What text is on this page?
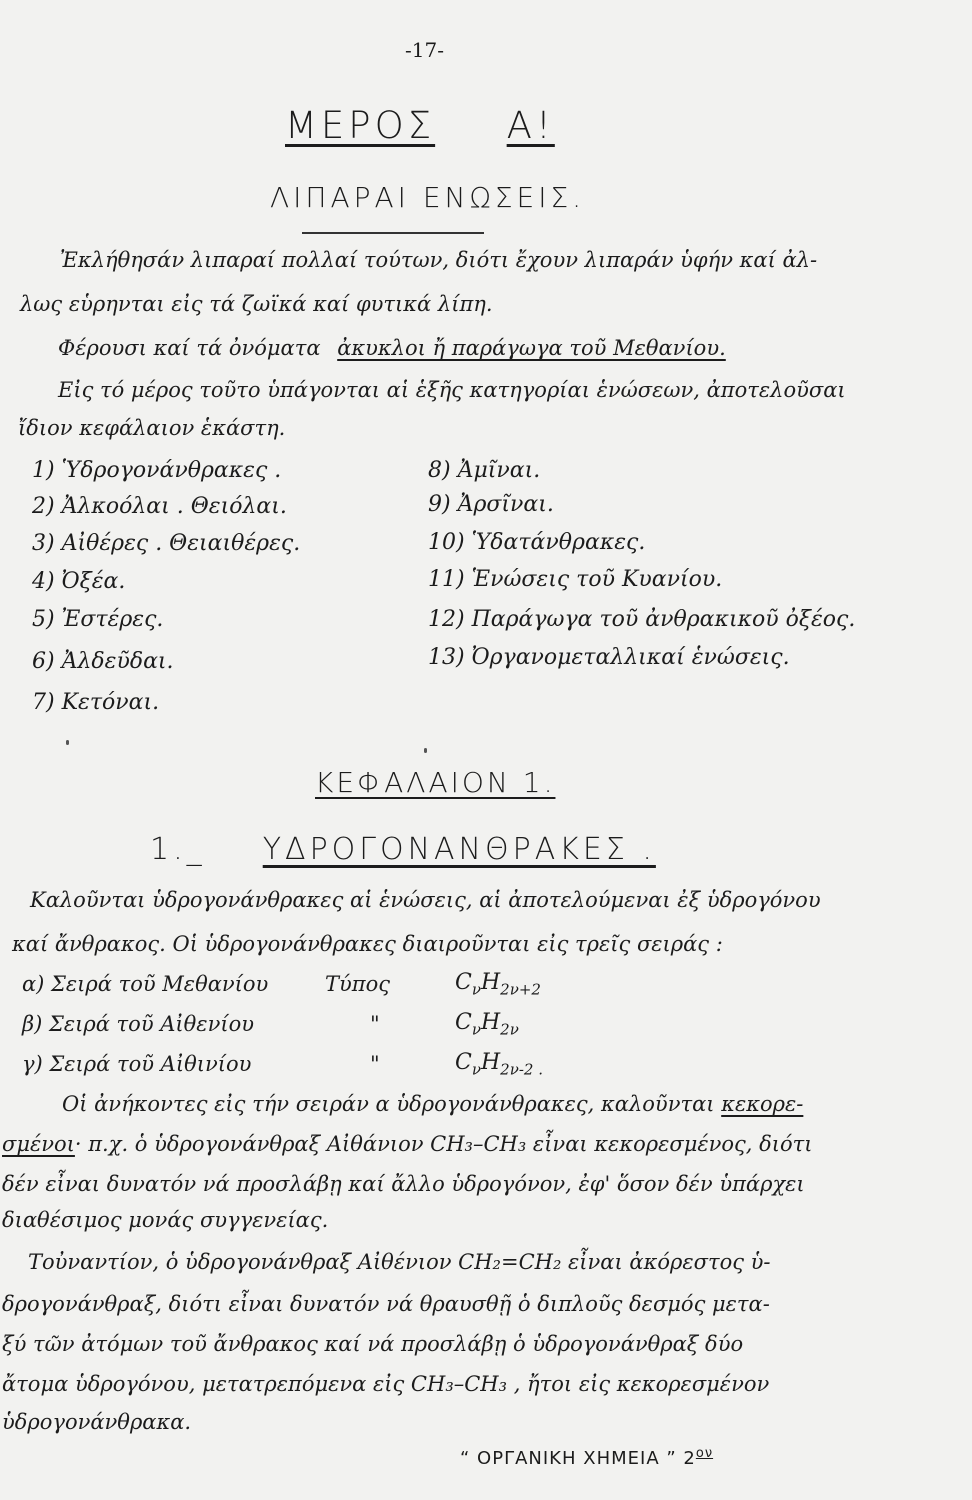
-17-
ΜΕΡΟΣ Α!
ΛΙΠΑΡΑΙ ΕΝΩΣΕΙΣ.
Ἐκλήθησάν λιπαραί πολλαί τούτων, διότι ἔχουν λιπαράν ὑφήν καί ἀλ-
λως εὑρηνται εἰς τά ζωϊκά καί φυτικά λίπη.
Φέρουσι καί τά ὀνόματα ἀκυκλοι ἤ παράγωγα τοῦ Μεθανίου.
Εἰς τό μέρος τοῦτο ὑπάγονται αἱ ἑξῆς κατηγορίαι ἑνώσεων, ἀποτελοῦσαι
ἴδιον κεφάλαιον ἑκάστη.
1) Ὑδρογονάνθρακες .
2) Ἀλκοόλαι . Θειόλαι.
3) Αἰθέρες . Θειαιθέρες.
4) Ὀξέα.
5) Ἐστέρες.
6) Ἀλδεῦδαι.
7) Κετόναι.
8) Ἀμῖναι.
9) Ἀρσῖναι.
10) Ὑδατάνθρακες.
11) Ἑνώσεις τοῦ Κυανίου.
12) Παράγωγα τοῦ ἀνθρακικοῦ ὀξέος.
13) Ὀργανομεταλλικαί ἑνώσεις.
ΚΕΦΑΛΑΙΟΝ 1.
1._ ΥΔΡΟΓΟΝΑΝΘΡΑΚΕΣ .
Καλοῦνται ὑδρογονάνθρακες αἱ ἑνώσεις, αἱ ἀποτελούμεναι ἐξ ὑδρογόνου
καί ἄνθρακος. Οἱ ὑδρογονάνθρακες διαιροῦνται εἰς τρεῖς σειράς :
α) Σειρά τοῦ Μεθανίου	Τύπος	$C_\nu H_{2\nu+2}$
β) Σειρά τοῦ Αἰθενίου	"	$C_\nu H_{2\nu}$
γ) Σειρά τοῦ Αἰθινίου	"	$C_\nu H_{2\nu-2 .}$
Οἱ ἀνήκοντες εἰς τήν σειράν α ὑδρογονάνθρακες, καλοῦνται κεκορε-
σμένοι· π.χ. ὁ ὑδρογονάνθραξ Αἰθάνιον CH₃–CH₃ εἶναι κεκορεσμένος, διότι
δέν εἶναι δυνατόν νά προσλάβῃ καί ἄλλο ὑδρογόνον, ἐφ' ὅσον δέν ὑπάρχει
διαθέσιμος μονάς συγγενείας.
Τοὐναντίον, ὁ ὑδρογονάνθραξ Αἰθένιον CH₂=CH₂ εἶναι ἀκόρεστος ὑ-
δρογονάνθραξ, διότι εἶναι δυνατόν νά θραυσθῇ ὁ διπλοῦς δεσμός μετα-
ξύ τῶν ἀτόμων τοῦ ἄνθρακος καί νά προσλάβῃ ὁ ὑδρογονάνθραξ δύο
ἄτομα ὑδρογόνου, μετατρεπόμενα εἰς CH₃–CH₃ , ἤτοι εἰς κεκορεσμένον
ὑδρογονάνθρακα.
“ ΟΡΓΑΝΙΚΗ ΧΗΜΕΙΑ ” $2^{o\nu}$
